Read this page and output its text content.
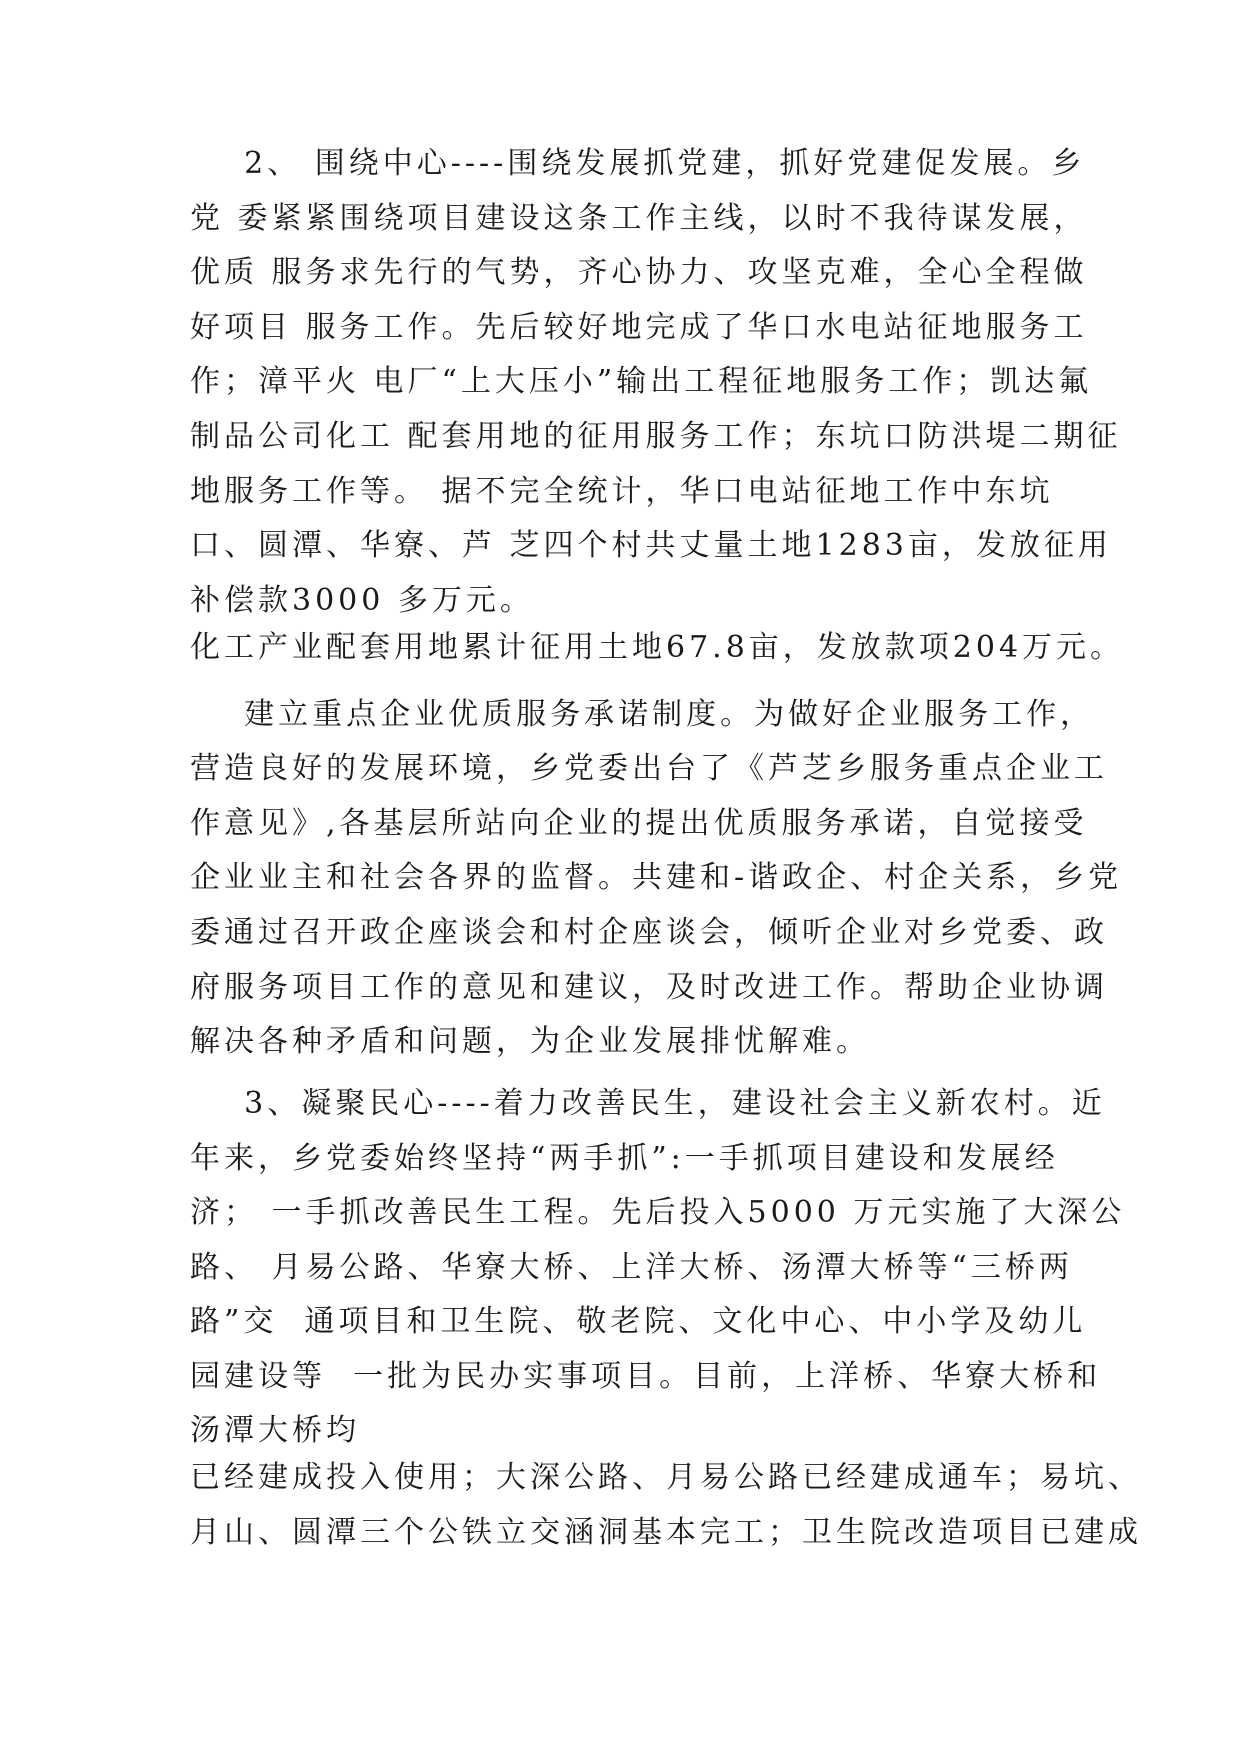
2、 围绕中心----围绕发展抓党建，抓好党建促发展。乡
党 委紧紧围绕项目建设这条工作主线，以时不我待谋发展，
优质 服务求先行的气势，齐心协力、攻坚克难，全心全程做
好项目 服务工作。先后较好地完成了华口水电站征地服务工
作；漳平火 电厂“上大压小”输出工程征地服务工作；凯达氟
制品公司化工 配套用地的征用服务工作；东坑口防洪堤二期征
地服务工作等。 据不完全统计，华口电站征地工作中东坑
口、圆潭、华寮、芦 芝四个村共丈量土地1283亩，发放征用
补偿款3000 多万元。
化工产业配套用地累计征用土地67.8亩，发放款项204万元。
建立重点企业优质服务承诺制度。为做好企业服务工作，
营造良好的发展环境，乡党委出台了《芦芝乡服务重点企业工
作意见》,各基层所站向企业的提出优质服务承诺，自觉接受
企业业主和社会各界的监督。共建和-谐政企、村企关系，乡党
委通过召开政企座谈会和村企座谈会，倾听企业对乡党委、政
府服务项目工作的意见和建议，及时改进工作。帮助企业协调
解决各种矛盾和问题，为企业发展排忧解难。
3、凝聚民心----着力改善民生，建设社会主义新农村。近
年来，乡党委始终坚持“两手抓”:一手抓项目建设和发展经
济； 一手抓改善民生工程。先后投入5000 万元实施了大深公
路、 月易公路、华寮大桥、上洋大桥、汤潭大桥等“三桥两
路”交  通项目和卫生院、敬老院、文化中心、中小学及幼儿
园建设等  一批为民办实事项目。目前，上洋桥、华寮大桥和
汤潭大桥均
已经建成投入使用；大深公路、月易公路已经建成通车；易坑、
月山、圆潭三个公铁立交涵洞基本完工；卫生院改造项目已建成
